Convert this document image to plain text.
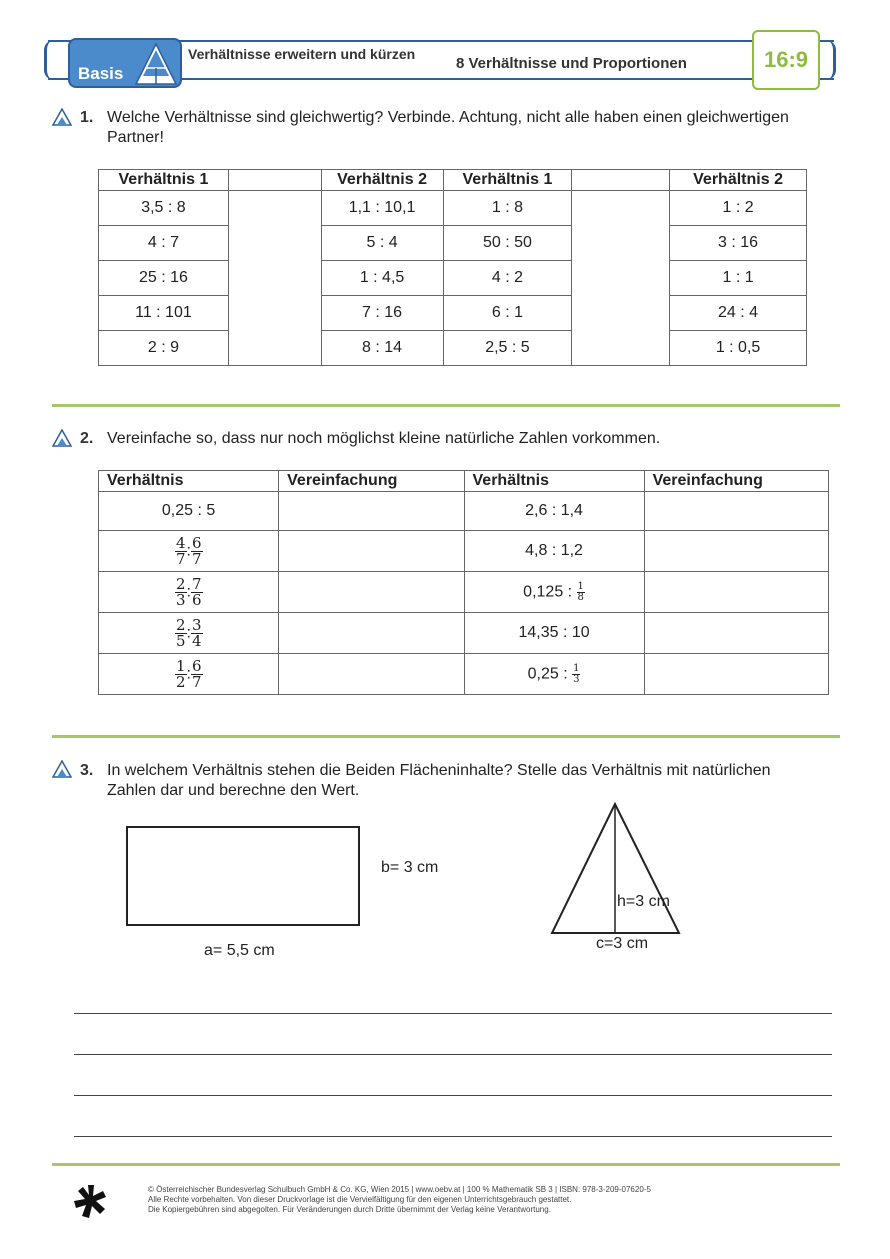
Basis
Verhältnisse erweitern und kürzen
8 Verhältnisse und Proportionen	16:9
1. Welche Verhältnisse sind gleichwertig? Verbinde. Achtung, nicht alle haben einen gleichwertigen Partner!
Verhältnis 1		Verhältnis 2	Verhältnis 1		Verhältnis 2
3,5 : 8		1,1 : 10,1	1 : 8		1 : 2
4 : 7		5 : 4	50 : 50		3 : 16
25 : 16		1 : 4,5	4 : 2		1 : 1
11 : 101		7 : 16	6 : 1		24 : 4
2 : 9		8 : 14	2,5 : 5		1 : 0,5
2. Vereinfache so, dass nur noch möglichst kleine natürliche Zahlen vorkommen.
Verhältnis	Vereinfachung	Verhältnis	Vereinfachung
0,25 : 5		2,6 : 1,4	

$\frac{4}{7}$ : $\frac{6}{7}$		4,8 : 1,2	

$\frac{2}{3}$ : $\frac{7}{6}$		0,125 : $\frac{1}{8}$

$\frac{2}{5}$ : $\frac{3}{4}$		14,35 : 10	

$\frac{1}{2}$ : $\frac{6}{7}$		0,25 : $\frac{1}{3}$

3. In welchem Verhältnis stehen die Beiden Flächeninhalte? Stelle das Verhältnis mit natürlichen Zahlen dar und berechne den Wert.
b= 3 cm
a= 5,5 cm
h=3 cm
c=3 cm
© Österreichischer Bundesverlag Schulbuch GmbH & Co. KG, Wien 2015 | www.oebv.at | 100 % Mathematik SB 3 | ISBN: 978-3-209-07620-5
Alle Rechte vorbehalten. Von dieser Druckvorlage ist die Vervielfältigung für den eigenen Unterrichtsgebrauch gestattet.
Die Kopiergebühren sind abgegolten. Für Veränderungen durch Dritte übernimmt der Verlag keine Verantwortung.
